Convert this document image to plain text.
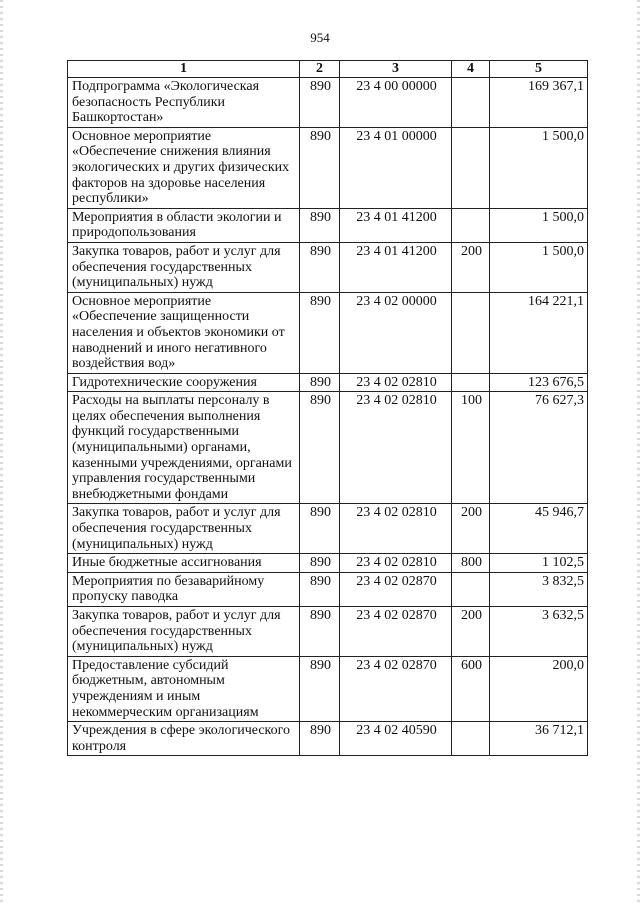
954
1	2	3	4	5
Подпрограмма «Экологическая безопасность Республики Башкортостан»	890	23 4 00 00000		169 367,1
Основное мероприятие «Обеспечение снижения влияния экологических и других физических факторов на здоровье населения республики»	890	23 4 01 00000		1 500,0
Мероприятия в области экологии и природопользования	890	23 4 01 41200		1 500,0
Закупка товаров, работ и услуг для обеспечения государственных (муниципальных) нужд	890	23 4 01 41200	200	1 500,0
Основное мероприятие «Обеспечение защищенности населения и объектов экономики от наводнений и иного негативного воздействия вод»	890	23 4 02 00000		164 221,1
Гидротехнические сооружения	890	23 4 02 02810		123 676,5
Расходы на выплаты персоналу в целях обеспечения выполнения функций государственными (муниципальными) органами, казенными учреждениями, органами управления государственными внебюджетными фондами	890	23 4 02 02810	100	76 627,3
Закупка товаров, работ и услуг для обеспечения государственных (муниципальных) нужд	890	23 4 02 02810	200	45 946,7
Иные бюджетные ассигнования	890	23 4 02 02810	800	1 102,5
Мероприятия по безаварийному пропуску паводка	890	23 4 02 02870		3 832,5
Закупка товаров, работ и услуг для обеспечения государственных (муниципальных) нужд	890	23 4 02 02870	200	3 632,5
Предоставление субсидий бюджетным, автономным учреждениям и иным некоммерческим организациям	890	23 4 02 02870	600	200,0
Учреждения в сфере экологического контроля	890	23 4 02 40590		36 712,1
